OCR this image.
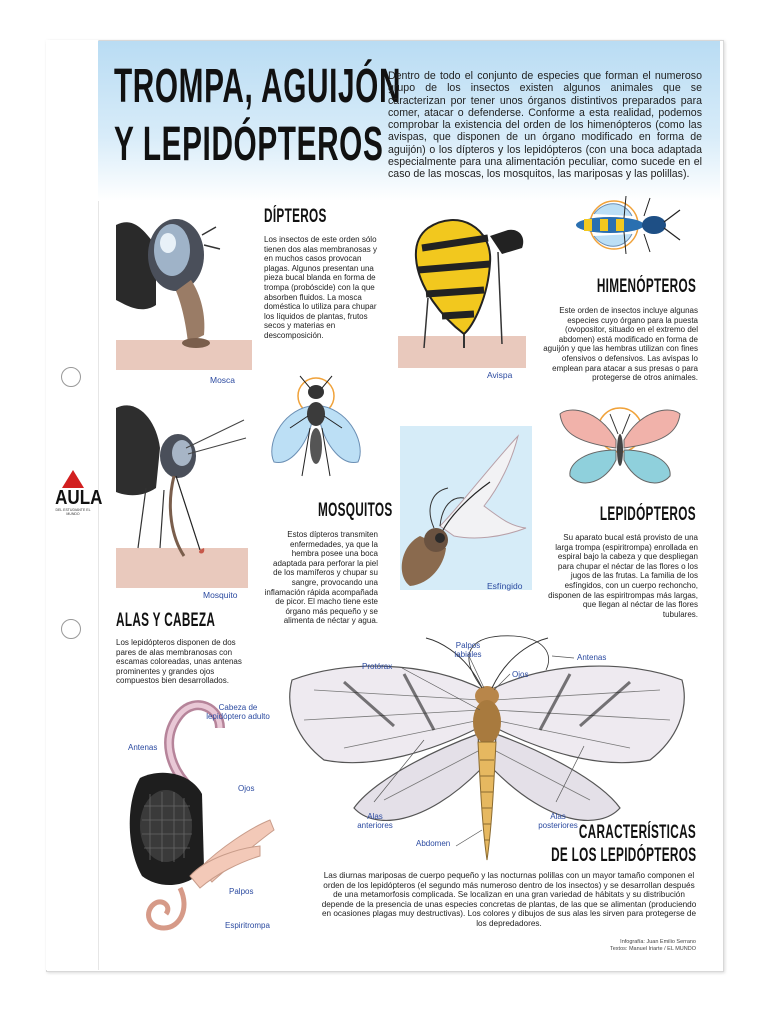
AULA
DEL ESTUDIANTE EL MUNDO
TROMPA, AGUIJÓN
Y LEPIDÓPTEROS
Dentro de todo el conjunto de especies que forman el numeroso grupo de los insectos existen algunos animales que se caracterizan por tener unos órganos distintivos preparados para comer, atacar o defenderse. Conforme a esta realidad, podemos comprobar la existencia del orden de los himenópteros (como las avispas, que disponen de un órgano modificado en forma de aguijón) o los dípteros y los lepidópteros (con una boca adaptada especialmente para una alimentación peculiar, como sucede en el caso de las moscas, los mosquitos, las mariposas y las polillas).
Mosca
DÍPTEROS
Los insectos de este orden sólo tienen dos alas membranosas y en muchos casos provocan plagas. Algunos presentan una pieza bucal blanda en forma de trompa (probóscide) con la que absorben fluidos. La mosca doméstica lo utiliza para chupar los líquidos de plantas, frutos secos y materias en descomposición.
Avispa
HIMENÓPTEROS
Este orden de insectos incluye algunas especies cuyo órgano para la puesta (ovopositor, situado en el extremo del abdomen) está modificado en forma de aguijón y que las hembras utilizan con fines ofensivos o defensivos. Las avispas lo emplean para atacar a sus presas o para protegerse de otros animales.
Mosquito
MOSQUITOS
Estos dípteros transmiten enfermedades, ya que la hembra posee una boca adaptada para perforar la piel de los mamíferos y chupar su sangre, provocando una inflamación rápida acompañada de picor. El macho tiene este órgano más pequeño y se alimenta de néctar y agua.
Esfíngido
LEPIDÓPTEROS
Su aparato bucal está provisto de una larga trompa (espiritrompa) enrollada en espiral bajo la cabeza y que despliegan para chupar el néctar de las flores o los jugos de las frutas. La familia de los esfíngidos, con un cuerpo rechoncho, disponen de las espiritrompas más largas, que llegan al néctar de las flores tubulares.
ALAS Y CABEZA
Los lepidópteros disponen de dos pares de alas membranosas con escamas coloreadas, unas antenas prominentes y grandes ojos compuestos bien desarrollados.
Cabeza de lepidóptero adulto
Antenas
Ojos
Palpos
Espiritrompa
Palpos labiales
Protórax
Ojos
Antenas
Alas anteriores
Alas posteriores
Abdomen
CARACTERÍSTICAS
DE LOS LEPIDÓPTEROS
Las diurnas mariposas de cuerpo pequeño y las nocturnas polillas con un mayor tamaño componen el orden de los lepidópteros (el segundo más numeroso dentro de los insectos) y se desarrollan después de una metamorfosis complicada. Se localizan en una gran variedad de hábitats y su distribución depende de la presencia de unas especies concretas de plantas, de las que se alimentan (produciendo en ocasiones plagas muy destructivas). Los colores y dibujos de sus alas les sirven para protegerse de los depredadores.
Infografía: Juan Emilio Serrano
Textos: Manuel Iriarte / EL MUNDO
